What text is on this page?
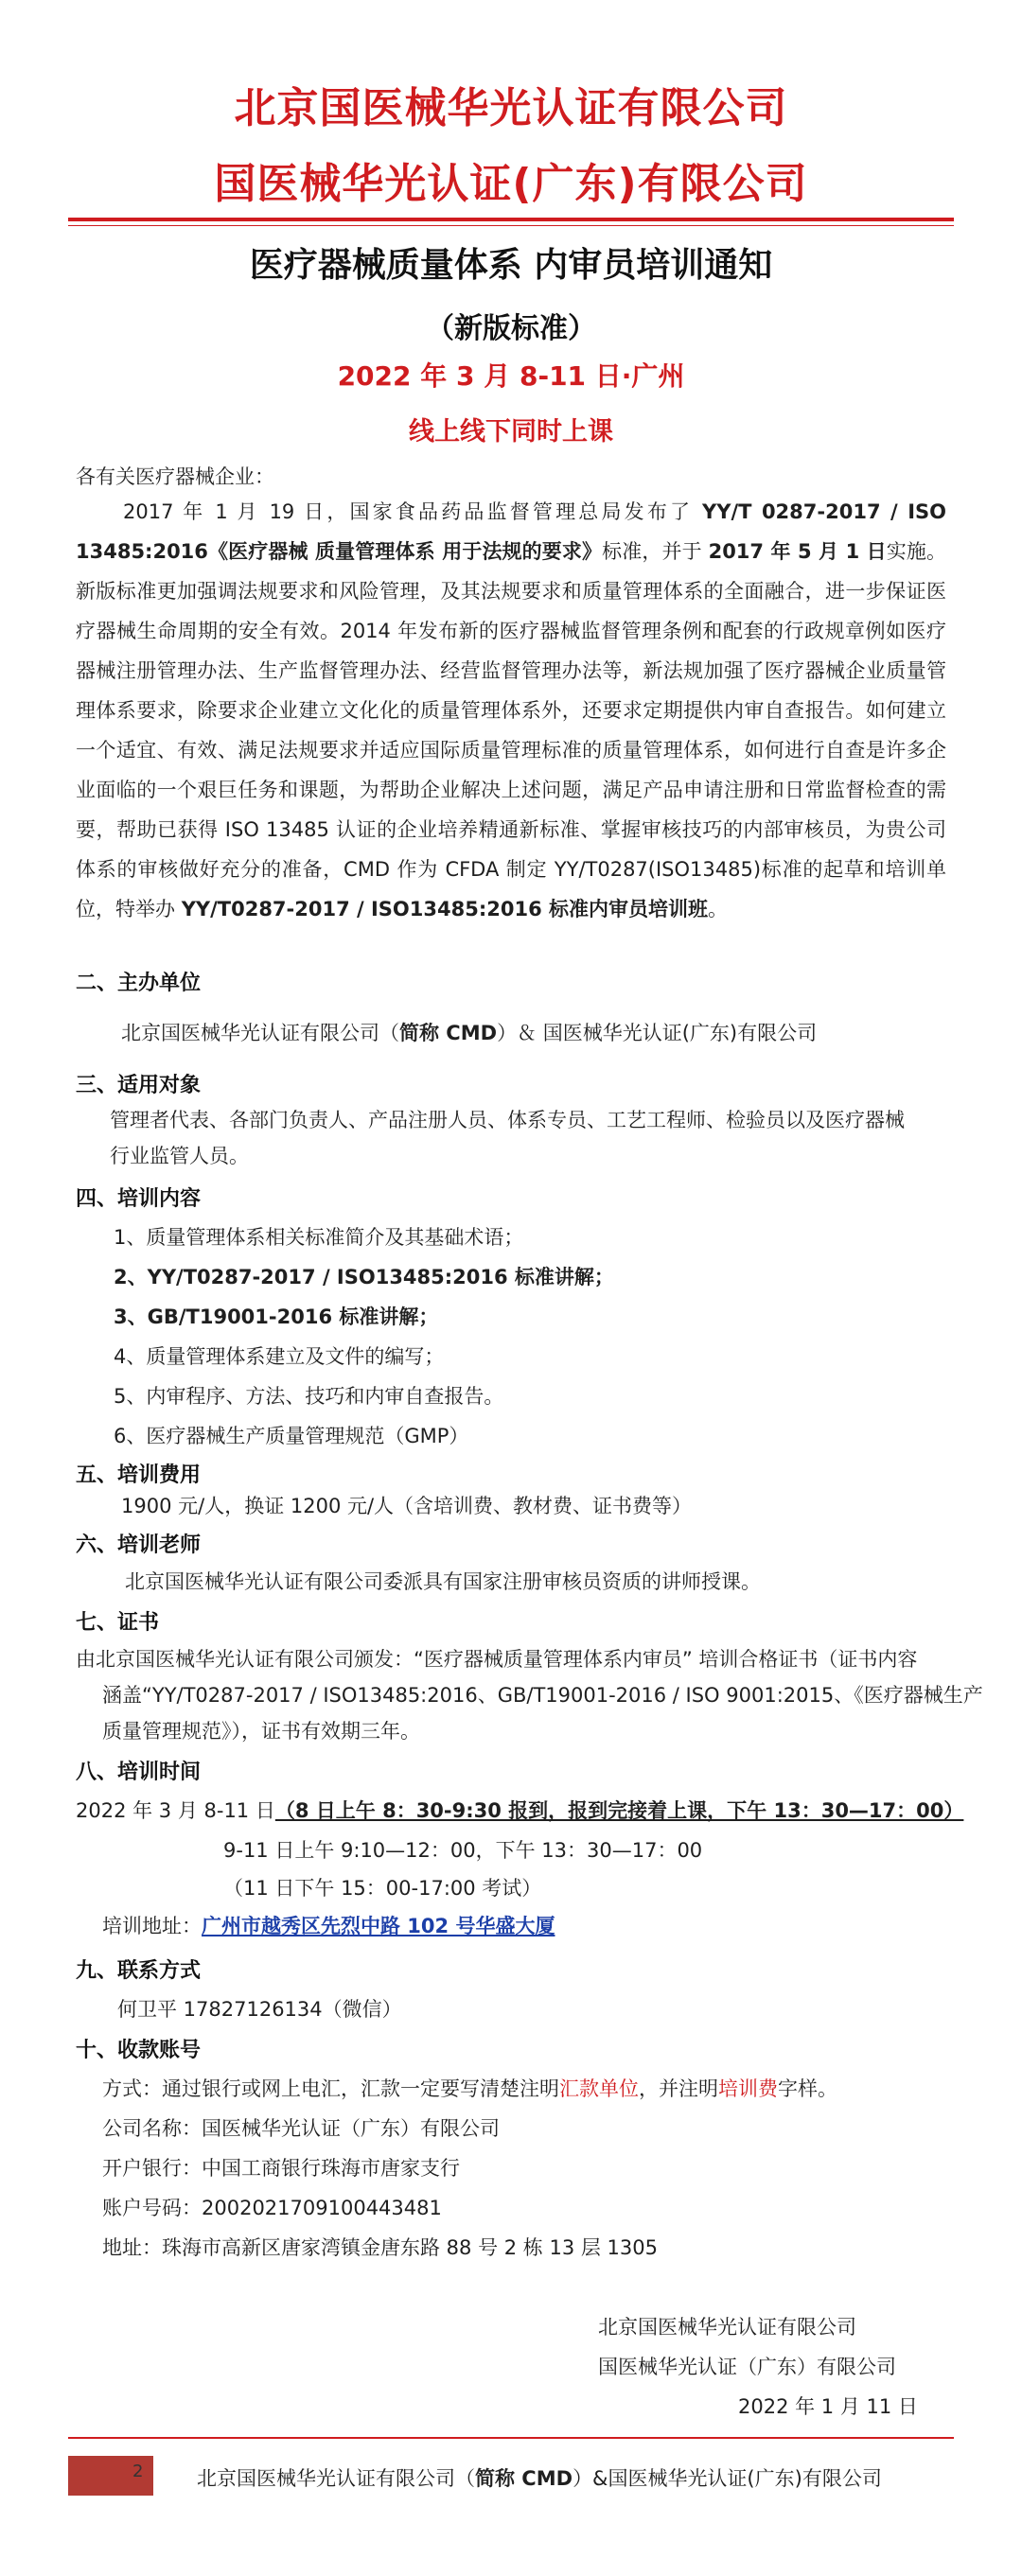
北京国医械华光认证有限公司
国医械华光认证(广东)有限公司
医疗器械质量体系 内审员培训通知
（新版标准）
2022 年 3 月 8-11 日·广州
线上线下同时上课
各有关医疗器械企业：

2017 年 1 月 19 日，国家食品药品监督管理总局发布了 YY/T 0287-2017 / ISO 13485:2016《医疗器械 质量管理体系 用于法规的要求》标准，并于 2017 年 5 月 1 日实施。新版标准更加强调法规要求和风险管理，及其法规要求和质量管理体系的全面融合，进一步保证医疗器械生命周期的安全有效。2014 年发布新的医疗器械监督管理条例和配套的行政规章例如医疗器械注册管理办法、生产监督管理办法、经营监督管理办法等，新法规加强了医疗器械企业质量管理体系要求，除要求企业建立文化化的质量管理体系外，还要求定期提供内审自查报告。如何建立一个适宜、有效、满足法规要求并适应国际质量管理标准的质量管理体系，如何进行自查是许多企业面临的一个艰巨任务和课题，为帮助企业解决上述问题，满足产品申请注册和日常监督检查的需要，帮助已获得 ISO 13485 认证的企业培养精通新标准、掌握审核技巧的内部审核员，为贵公司体系的审核做好充分的准备，CMD 作为 CFDA 制定 YY/T0287(ISO13485)标准的起草和培训单位，特举办 YY/T0287-2017 / ISO13485:2016 标准内审员培训班。

二、主办单位
北京国医械华光认证有限公司（简称 CMD）＆ 国医械华光认证(广东)有限公司
三、适用对象
管理者代表、各部门负责人、产品注册人员、体系专员、工艺工程师、检验员以及医疗器械
行业监管人员。
四、培训内容
1、质量管理体系相关标准简介及其基础术语；
2、YY/T0287-2017 / ISO13485:2016 标准讲解；
3、GB/T19001-2016 标准讲解；
4、质量管理体系建立及文件的编写；
5、内审程序、方法、技巧和内审自查报告。
6、医疗器械生产质量管理规范（GMP）
五、培训费用
1900 元/人，换证 1200 元/人（含培训费、教材费、证书费等）
六、培训老师
北京国医械华光认证有限公司委派具有国家注册审核员资质的讲师授课。
七、证书
由北京国医械华光认证有限公司颁发：“医疗器械质量管理体系内审员” 培训合格证书（证书内容
涵盖“YY/T0287-2017 / ISO13485:2016、GB/T19001-2016 / ISO 9001:2015、《医疗器械生产
质量管理规范》），证书有效期三年。
八、培训时间
2022 年 3 月 8-11 日（8 日上午 8：30-9:30 报到，报到完接着上课，下午 13：30—17：00）
9-11 日上午 9:10—12：00，下午 13：30—17：00
（11 日下午 15：00-17:00 考试）
培训地址：广州市越秀区先烈中路 102 号华盛大厦
九、联系方式
何卫平 17827126134（微信）
十、收款账号
方式：通过银行或网上电汇，汇款一定要写清楚注明汇款单位，并注明培训费字样。
公司名称：国医械华光认证（广东）有限公司
开户银行：中国工商银行珠海市唐家支行
账户号码：2002021709100443481
地址：珠海市高新区唐家湾镇金唐东路 88 号 2 栋 13 层 1305
北京国医械华光认证有限公司
国医械华光认证（广东）有限公司
2022 年 1 月 11 日
2	北京国医械华光认证有限公司（简称 CMD）&国医械华光认证(广东)有限公司
